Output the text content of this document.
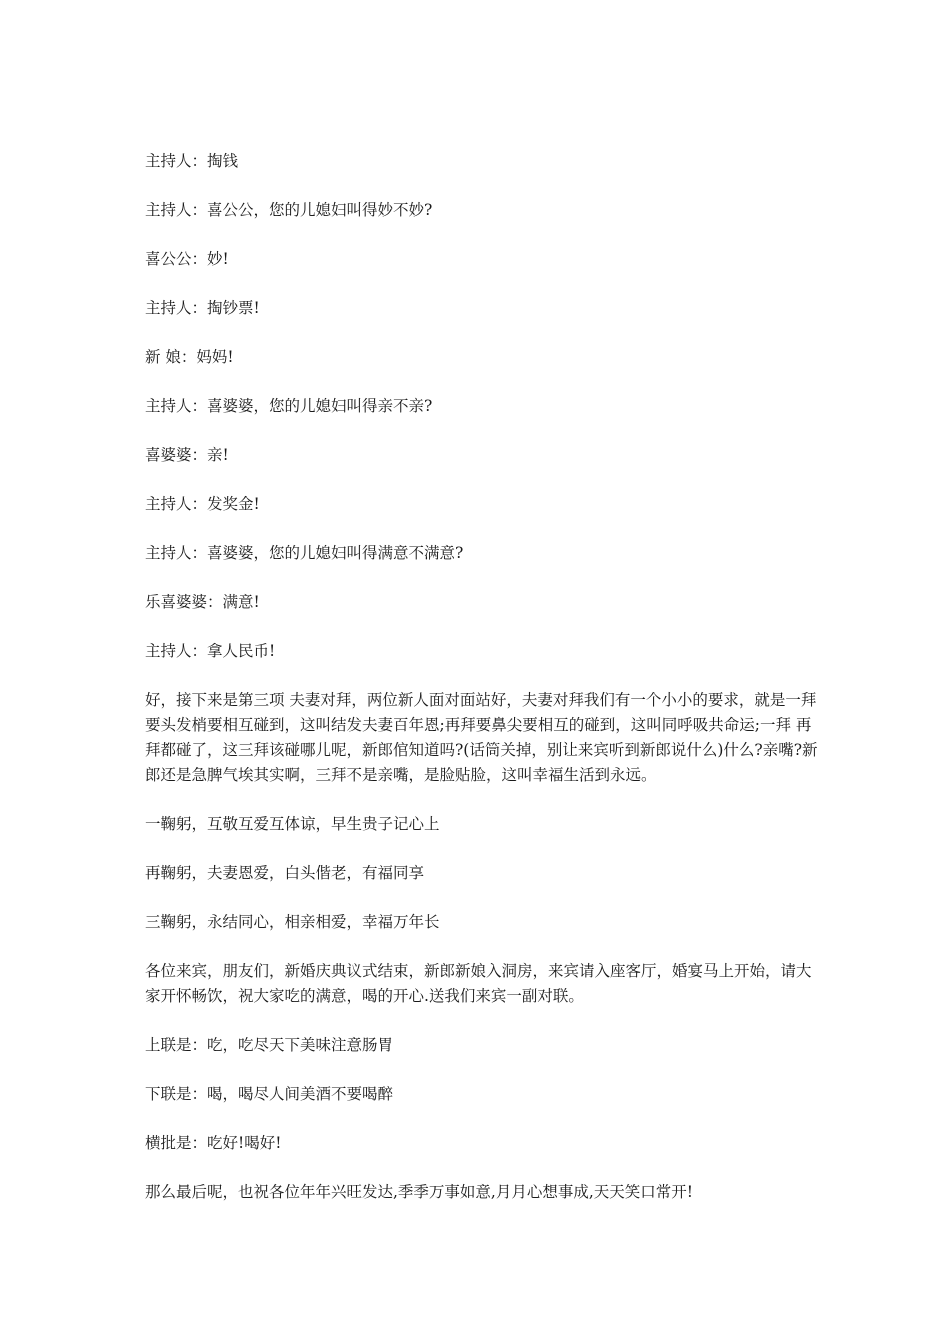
主持人：掏钱

主持人：喜公公，您的儿媳妇叫得妙不妙?

喜公公：妙!

主持人：掏钞票!

新 娘：妈妈!

主持人：喜婆婆，您的儿媳妇叫得亲不亲?

喜婆婆：亲!

主持人：发奖金!

主持人：喜婆婆，您的儿媳妇叫得满意不满意?

乐喜婆婆：满意!

主持人：拿人民币!

好，接下来是第三项 夫妻对拜，两位新人面对面站好，夫妻对拜我们有一个小小的要求，就是一拜要头发梢要相互碰到，这叫结发夫妻百年恩;再拜要鼻尖要相互的碰到，这叫同呼吸共命运;一拜 再拜都碰了，这三拜该碰哪儿呢，新郎倌知道吗?(话筒关掉，别让来宾听到新郎说什么)什么?亲嘴?新郎还是急脾气埃其实啊，三拜不是亲嘴，是脸贴脸，这叫幸福生活到永远。

一鞠躬，互敬互爱互体谅，早生贵子记心上

再鞠躬，夫妻恩爱，白头偕老，有福同享

三鞠躬，永结同心，相亲相爱，幸福万年长

各位来宾，朋友们，新婚庆典议式结束，新郎新娘入洞房，来宾请入座客厅，婚宴马上开始，请大家开怀畅饮，祝大家吃的满意，喝的开心.送我们来宾一副对联。

上联是：吃，吃尽天下美味注意肠胃

下联是：喝，喝尽人间美酒不要喝醉

横批是：吃好!喝好!

那么最后呢，也祝各位年年兴旺发达,季季万事如意,月月心想事成,天天笑口常开!
